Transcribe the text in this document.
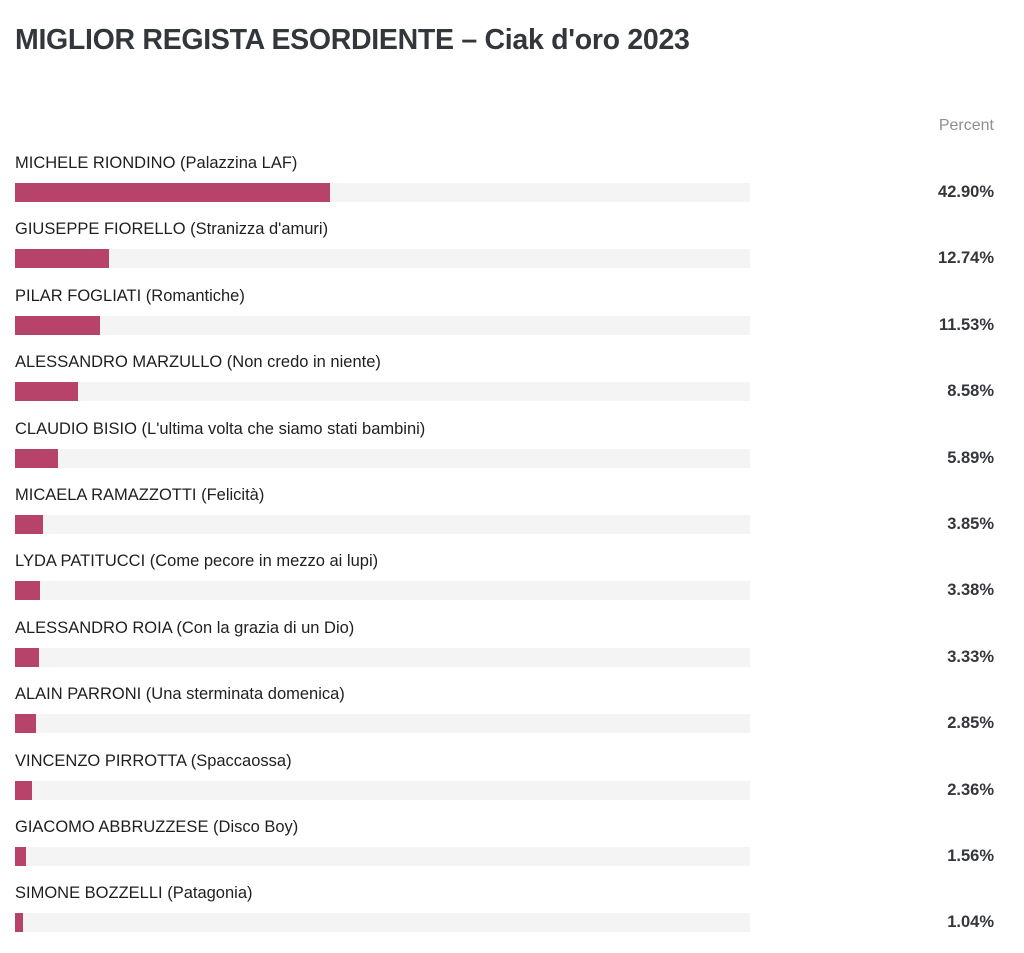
MIGLIOR REGISTA ESORDIENTE – Ciak d'oro 2023
Percent
MICHELE RIONDINO (Palazzina LAF)
42.90%
GIUSEPPE FIORELLO (Stranizza d'amuri)
12.74%
PILAR FOGLIATI (Romantiche)
11.53%
ALESSANDRO MARZULLO (Non credo in niente)
8.58%
CLAUDIO BISIO (L'ultima volta che siamo stati bambini)
5.89%
MICAELA RAMAZZOTTI (Felicità)
3.85%
LYDA PATITUCCI (Come pecore in mezzo ai lupi)
3.38%
ALESSANDRO ROIA (Con la grazia di un Dio)
3.33%
ALAIN PARRONI (Una sterminata domenica)
2.85%
VINCENZO PIRROTTA (Spaccaossa)
2.36%
GIACOMO ABBRUZZESE (Disco Boy)
1.56%
SIMONE BOZZELLI (Patagonia)
1.04%
